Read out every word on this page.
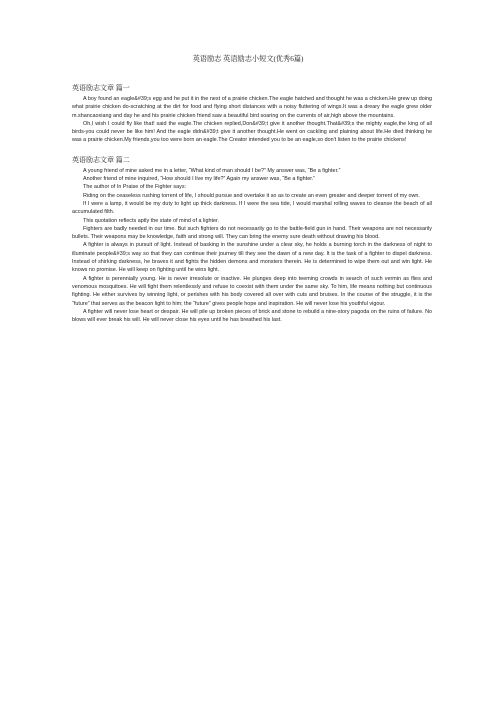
英语励志 英语励志小短文(优秀6篇)
英语励志文章 篇一

A boy found an eagle&#39;s egg and he put it in the nest of a prairie chicken.The eagle hatched and thought he was a chicken.He grew up doing what prairie chicken do-scratching at the dirt for food and flying short distances with a noisy fluttering of wings.It was a dreary the eagle grew older m.shancaoxiang and day he and his prairie chicken friend saw a beautiful bird soaring on the currents of air,high above the mountains.

Oh,I wish I could fly like that! said the eagle.The chicken replied,Don&#39;t give it another thought.That&#39;s the mighty eagle,the king of all birds-you could never be like him! And the eagle didn&#39;t give it another thought.He went on cackling and plaining about life.He died thinking he was a prairie chicken.My friends,you too were born an eagle.The Creator intended you to be an eagle,so don't listen to the prairie chickens!

英语励志文章 篇二

A young friend of mine asked me in a letter, “What kind of man should I be?” My answer was, “Be a fighter.”

Another friend of mine inquired, “How should I live my life?” Again my answer was, “Be a fighter.”

The author of In Praise of the Fighter says:

Riding on the ceaseless rushing torrent of life, I should pursue and overtake it so as to create an even greater and deeper torrent of my own.

If I were a lamp, it would be my duty to light up thick darkness. If I were the sea tide, I would marshal rolling waves to cleanse the beach of all accumulated filth.

This quotation reflects aptly the state of mind of a lighter.

Fighters are badly needed in our time. But such fighters do not necessarily go to the battle-field gun in hand. Their weapons are not necessarily bullets. Their weapons may be knowledge, faith and strong will. They can bring the enemy sure death without drawing his blood.

A fighter is always in pursuit of light. Instead of basking in the sunshine under a clear sky, he holds a burning torch in the darkness of night to illuminate people&#39;s way so that they can continue their journey till they see the dawn of a new day. It is the task of a fighter to dispel darkness. Instead of shirking darkness, he braves it and fights the hidden demons and monsters therein. He is determined to wipe them out and win light. He knows no promise. He will keep on fighting until he wins light.

A fighter is perennially young. He is never irresolute or inactive. He plunges deep into teeming crowds in search of such vermin as flies and venomous mosquitoes. He will fight them relentlessly and refuse to coexist with them under the same sky. To him, life means nothing but continuous fighting. He either survives by winning light, or perishes with his body covered all over with cuts and bruises. In the course of the struggle, it is the “future” that serves as the beacon light to him; the “future” gives people hope and inspiration. He will never lose his youthful vigour.

A fighter will never lose heart or despair. He will pile up broken pieces of brick and stone to rebuild a nine-story pagoda on the ruins of failure. No blows will ever break his will. He will never close his eyes until he has breathed his last.
